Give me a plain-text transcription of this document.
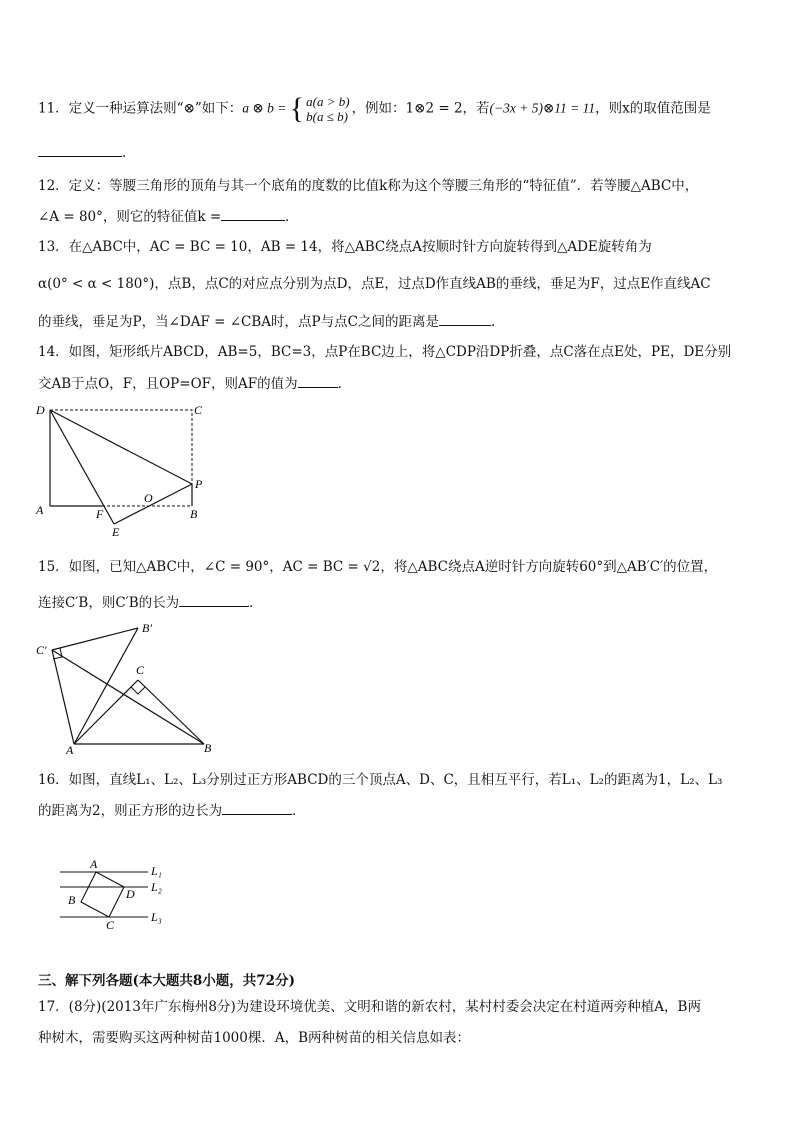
11．定义一种运算法则“⊗”如下：a ⊗ b = { a(a > b)
b(a ≤ b) ，例如：1⊗2 = 2，若(−3x + 5)⊗11 = 11，则x的取值范围是
.
12．定义：等腰三角形的顶角与其一个底角的度数的比值k称为这个等腰三角形的“特征值”．若等腰△ABC中，
∠A = 80°，则它的特征值k =	．
13．在△ABC中，AC = BC = 10，AB = 14，将△ABC绕点A按顺时针方向旋转得到△ADE旋转角为
α(0° < α < 180°)，点B，点C的对应点分别为点D，点E，过点D作直线AB的垂线，垂足为F，过点E作直线AC
的垂线，垂足为P，当∠DAF = ∠CBA时，点P与点C之间的距离是	.
14．如图，矩形纸片ABCD，AB=5，BC=3，点P在BC边上，将△CDP沿DP折叠，点C落在点E处，PE，DE分别
交AB于点O，F，且OP=OF，则AF的值为	．
D	C
A	B
P
O
F
E
15．如图，已知△ABC中，∠C = 90°，AC = BC = √2，将△ABC绕点A逆时针方向旋转60°到△AB′C′的位置，
连接C′B，则C′B的长为	．
B′
C′
C
A	B
16．如图，直线L₁、L₂、L₃分别过正方形ABCD的三个顶点A、D、C，且相互平行，若L₁、L₂的距离为1，L₂、L₃
的距离为2，则正方形的边长为	．
A
B
C
D
L₁
L₂
L₃
三、解下列各题(本大题共8小题，共72分)
17．(8分)(2013年广东梅州8分)为建设环境优美、文明和谐的新农村，某村村委会决定在村道两旁种植A，B两
种树木，需要购买这两种树苗1000棵．A，B两种树苗的相关信息如表：
